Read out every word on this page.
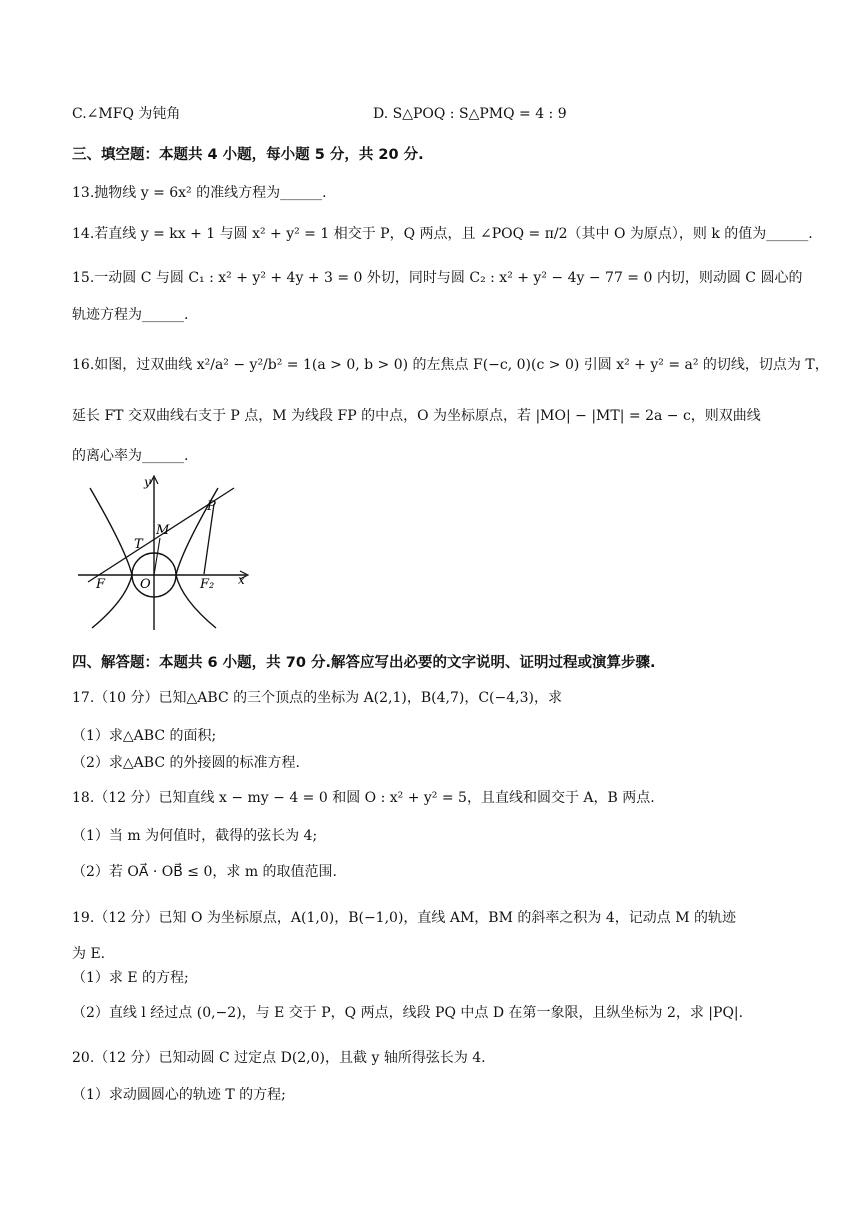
C.∠MFQ 为钝角	D. S△POQ : S△PMQ = 4 : 9
三、填空题：本题共 4 小题，每小题 5 分，共 20 分.
13.抛物线 y = 6x² 的准线方程为______.
14.若直线 y = kx + 1 与圆 x² + y² = 1 相交于 P，Q 两点，且 ∠POQ = π/2（其中 O 为原点），则 k 的值为______.
15.一动圆 C 与圆 C₁ : x² + y² + 4y + 3 = 0 外切，同时与圆 C₂ : x² + y² − 4y − 77 = 0 内切，则动圆 C 圆心的
轨迹方程为______.
16.如图，过双曲线 x²/a² − y²/b² = 1(a > 0, b > 0) 的左焦点 F(−c, 0)(c > 0) 引圆 x² + y² = a² 的切线，切点为 T，
延长 FT 交双曲线右支于 P 点，M 为线段 FP 的中点，O 为坐标原点，若 |MO| − |MT| = 2a − c，则双曲线
的离心率为______.
y
x
P
M
T
O
F	F₂
四、解答题：本题共 6 小题，共 70 分.解答应写出必要的文字说明、证明过程或演算步骤.
17.（10 分）已知△ABC 的三个顶点的坐标为 A(2,1)，B(4,7)，C(−4,3)，求
（1）求△ABC 的面积;
（2）求△ABC 的外接圆的标准方程.
18.（12 分）已知直线 x − my − 4 = 0 和圆 O : x² + y² = 5，且直线和圆交于 A，B 两点.
（1）当 m 为何值时，截得的弦长为 4;
（2）若 OA⃗ · OB⃗ ≤ 0，求 m 的取值范围.
19.（12 分）已知 O 为坐标原点，A(1,0)，B(−1,0)，直线 AM，BM 的斜率之积为 4，记动点 M 的轨迹
为 E.
（1）求 E 的方程;
（2）直线 l 经过点 (0,−2)，与 E 交于 P，Q 两点，线段 PQ 中点 D 在第一象限，且纵坐标为 2，求 |PQ|.
20.（12 分）已知动圆 C 过定点 D(2,0)，且截 y 轴所得弦长为 4.
（1）求动圆圆心的轨迹 T 的方程;
